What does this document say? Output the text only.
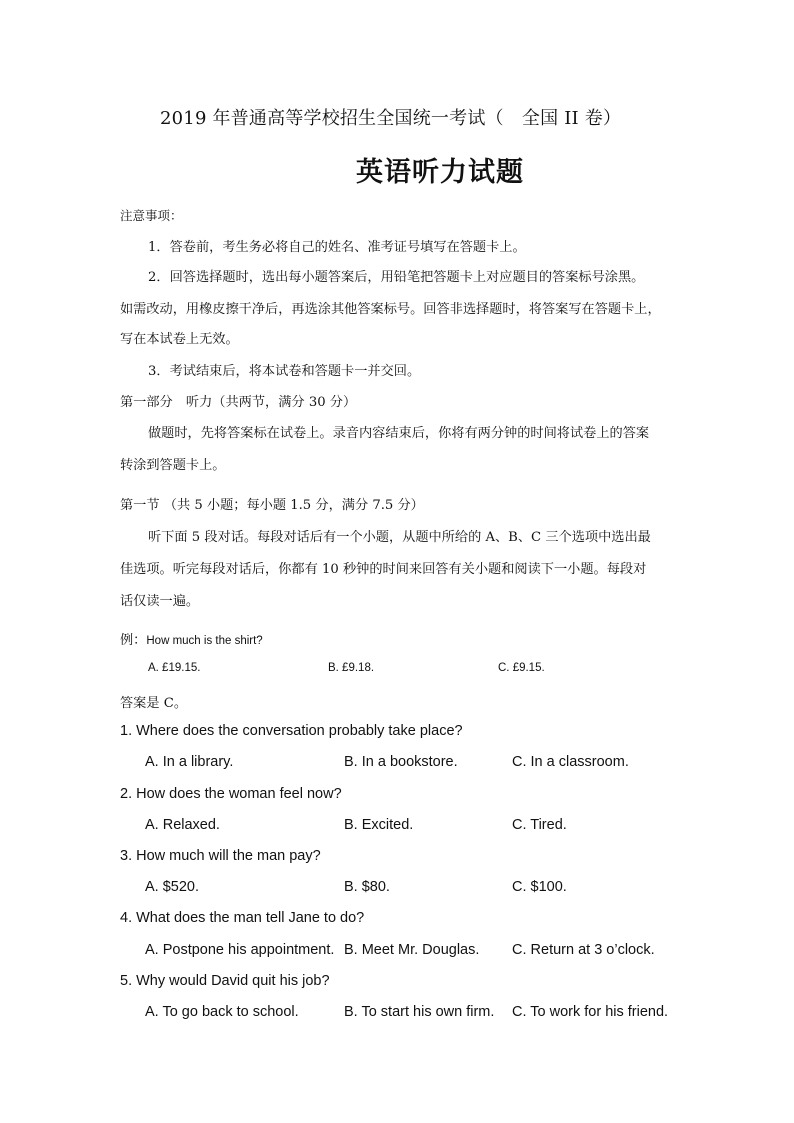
2019 年普通高等学校招生全国统一考试（　全国 II 卷）
英语听力试题
注意事项：
1．答卷前，考生务必将自己的姓名、准考证号填写在答题卡上。
2．回答选择题时，选出每小题答案后，用铅笔把答题卡上对应题目的答案标号涂黑。
如需改动，用橡皮擦干净后，再选涂其他答案标号。回答非选择题时，将答案写在答题卡上，
写在本试卷上无效。
3．考试结束后，将本试卷和答题卡一并交回。
第一部分　听力（共两节，满分 30 分）
做题时，先将答案标在试卷上。录音内容结束后，你将有两分钟的时间将试卷上的答案
转涂到答题卡上。
第一节 （共 5 小题；每小题 1.5 分，满分 7.5 分）
听下面 5 段对话。每段对话后有一个小题，从题中所给的 A、B、C 三个选项中选出最
佳选项。听完每段对话后，你都有 10 秒钟的时间来回答有关小题和阅读下一小题。每段对
话仅读一遍。
例：How much is the shirt?
A. £19.15.	B. £9.18.	C. £9.15.
答案是 C。
1. Where does the conversation probably take place?
A. In a library.	B. In a bookstore.	C. In a classroom.
2. How does the woman feel now?
A. Relaxed.	B. Excited.	C. Tired.
3. How much will the man pay?
A. $520.	B. $80.	C. $100.
4. What does the man tell Jane to do?
A. Postpone his appointment. B. Meet Mr. Douglas. C. Return at 3 o’clock.
5. Why would David quit his job?
A. To go back to school.	B. To start his own firm. C. To work for his friend.
